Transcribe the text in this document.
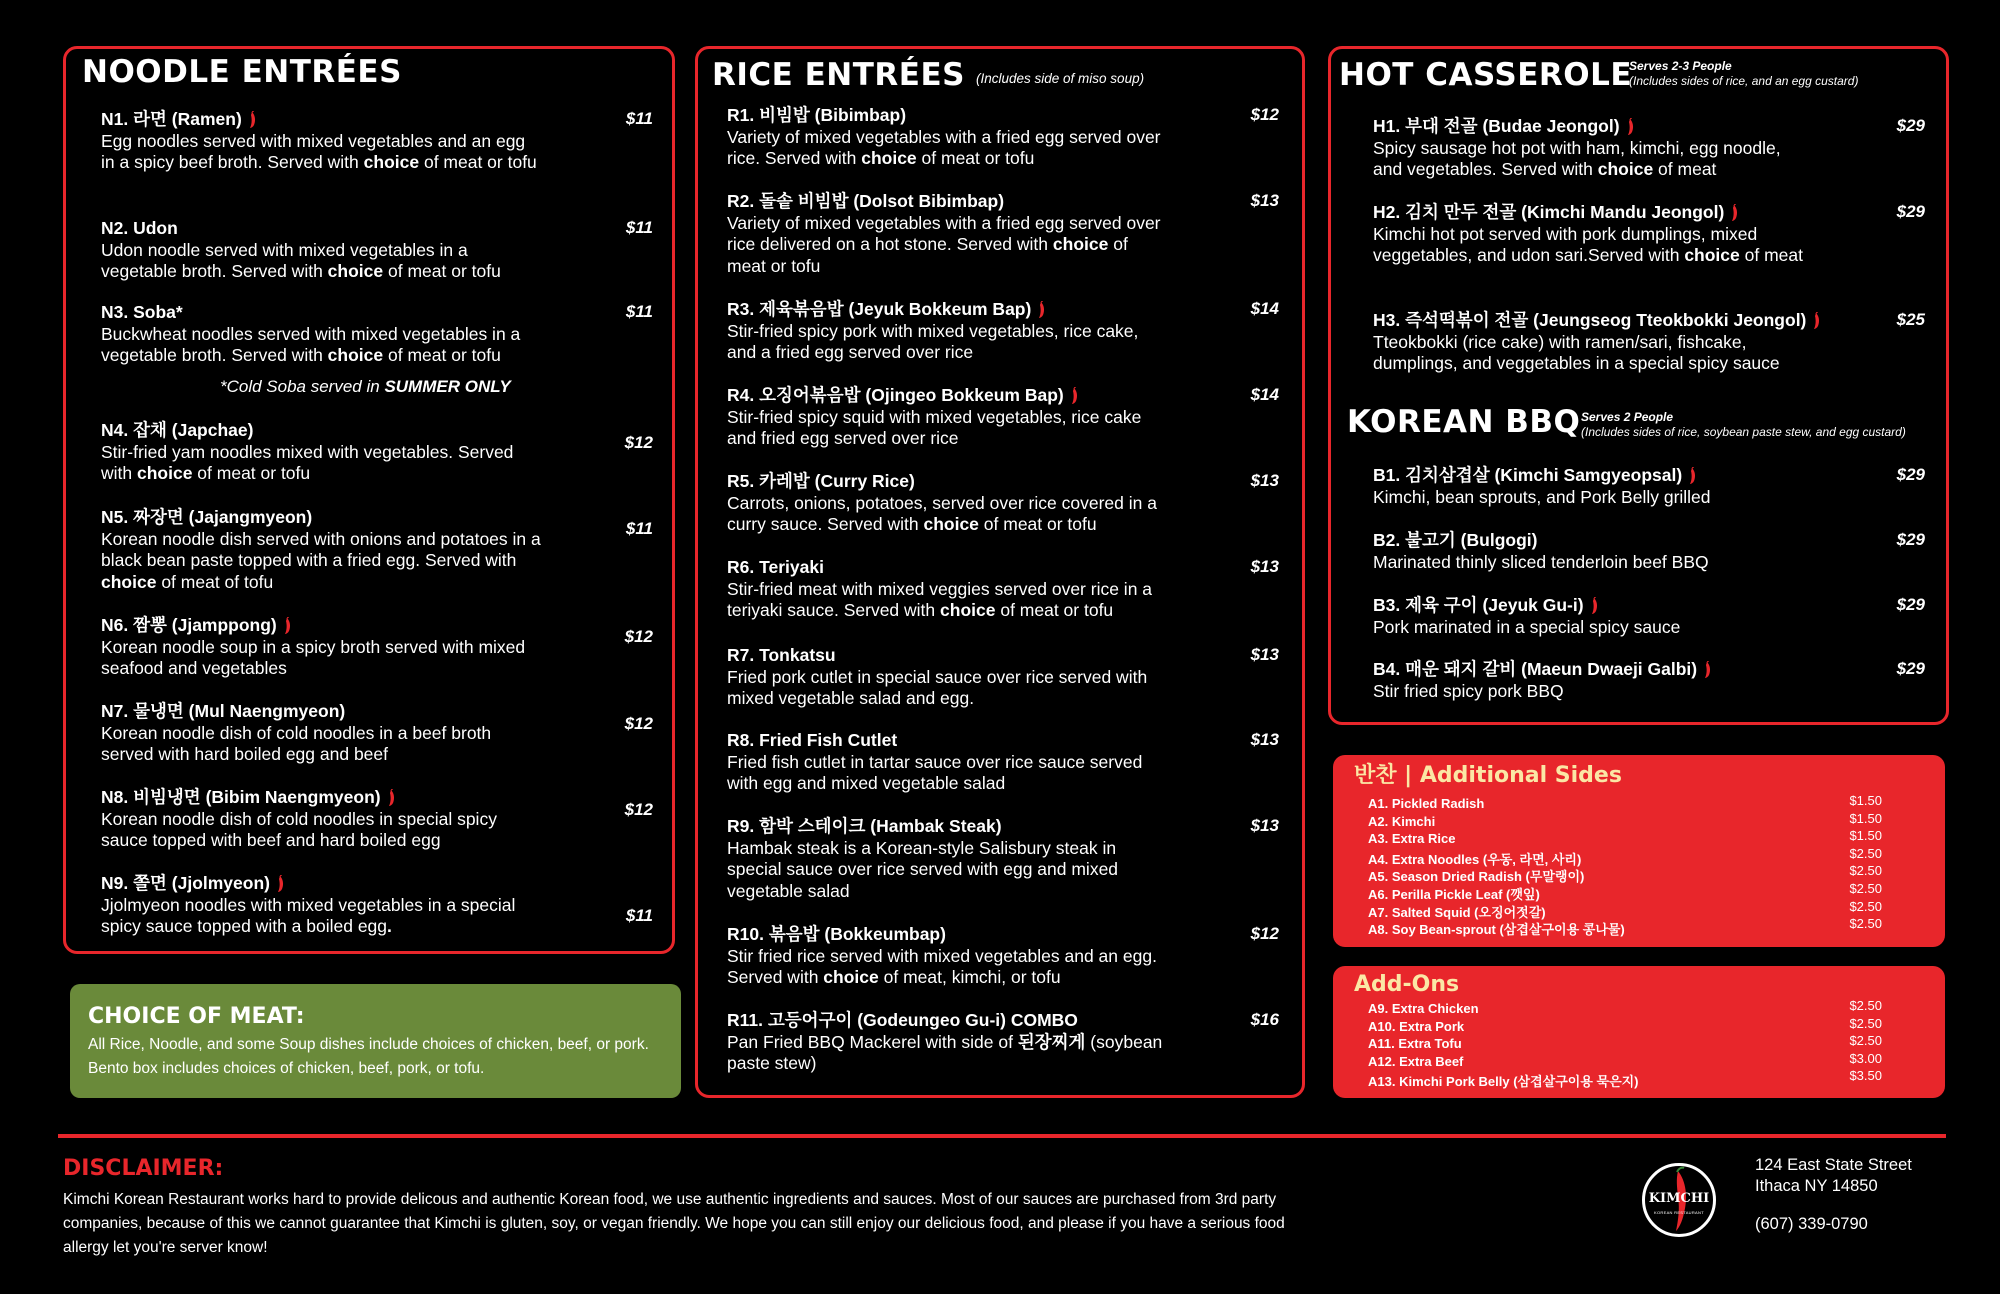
NOODLE ENTRÉES
N1. 라면 (Ramen)
Egg noodles served with mixed vegetables and an egg in a spicy beef broth. Served with choice of meat or tofu
$11
N2. Udon
Udon noodle served with mixed vegetables in a vegetable broth. Served with choice of meat or tofu
$11
N3. Soba*
Buckwheat noodles served with mixed vegetables in a vegetable broth. Served with choice of meat or tofu
$11
N4. 잡채 (Japchae)
Stir-fried yam noodles mixed with vegetables. Served with choice of meat or tofu
$12
N5. 짜장면 (Jajangmyeon)
Korean noodle dish served with onions and potatoes in a black bean paste topped with a fried egg. Served with choice of meat of tofu
$11
N6. 짬뽕 (Jjamppong)
Korean noodle soup in a spicy broth served with mixed seafood and vegetables
$12
N7. 물냉면 (Mul Naengmyeon)
Korean noodle dish of cold noodles in a beef broth served with hard boiled egg and beef
$12
N8. 비빔냉면 (Bibim Naengmyeon)
Korean noodle dish of cold noodles in special spicy sauce topped with beef and hard boiled egg
$12
N9. 쫄면 (Jjolmyeon)
Jjolmyeon noodles with mixed vegetables in a special spicy sauce topped with a boiled egg.
$11
*Cold Soba served in SUMMER ONLY
CHOICE OF MEAT:
All Rice, Noodle, and some Soup dishes include choices of chicken, beef, or pork.
Bento box includes choices of chicken, beef, pork, or tofu.
RICE ENTRÉES (Includes side of miso soup)
R1. 비빔밥 (Bibimbap)
Variety of mixed vegetables with a fried egg served over rice. Served with choice of meat or tofu
$12
R2. 돌솥 비빔밥 (Dolsot Bibimbap)
Variety of mixed vegetables with a fried egg served over rice delivered on a hot stone. Served with choice of meat or tofu
$13
R3. 제육볶음밥 (Jeyuk Bokkeum Bap)
Stir-fried spicy pork with mixed vegetables, rice cake, and a fried egg served over rice
$14
R4. 오징어볶음밥 (Ojingeo Bokkeum Bap)
Stir-fried spicy squid with mixed vegetables, rice cake and fried egg served over rice
$14
R5. 카레밥 (Curry Rice)
Carrots, onions, potatoes, served over rice covered in a curry sauce. Served with choice of meat or tofu
$13
R6. Teriyaki
Stir-fried meat with mixed veggies served over rice in a teriyaki sauce. Served with choice of meat or tofu
$13
R7. Tonkatsu
Fried pork cutlet in special sauce over rice served with mixed vegetable salad and egg.
$13
R8. Fried Fish Cutlet
Fried fish cutlet in tartar sauce over rice sauce served with egg and mixed vegetable salad
$13
R9. 함박 스테이크 (Hambak Steak)
Hambak steak is a Korean-style Salisbury steak in special sauce over rice served with egg and mixed vegetable salad
$13
R10. 볶음밥 (Bokkeumbap)
Stir fried rice served with mixed vegetables and an egg. Served with choice of meat, kimchi, or tofu
$12
R11. 고등어구이 (Godeungeo Gu-i) COMBO
Pan Fried BBQ Mackerel with side of 된장찌게 (soybean paste stew)
$16
HOT CASSEROLE
Serves 2-3 People
(Includes sides of rice, and an egg custard)
H1. 부대 전골 (Budae Jeongol)
Spicy sausage hot pot with ham, kimchi, egg noodle, and vegetables. Served with choice of meat
$29
H2. 김치 만두 전골 (Kimchi Mandu Jeongol)
Kimchi hot pot served with pork dumplings, mixed veggetables, and udon sari.Served with choice of meat
$29
H3. 즉석떡볶이 전골 (Jeungseog Tteokbokki Jeongol)
Tteokbokki (rice cake) with ramen/sari, fishcake, dumplings, and veggetables in a special spicy sauce
$25
KOREAN BBQ Serves 2 People
(Includes sides of rice, soybean paste stew, and egg custard)
B1. 김치삼겹살 (Kimchi Samgyeopsal)
Kimchi, bean sprouts, and Pork Belly grilled
$29
B2. 불고기 (Bulgogi)
Marinated thinly sliced tenderloin beef BBQ
$29
B3. 제육 구이 (Jeyuk Gu-i)
Pork marinated in a special spicy sauce
$29
B4. 매운 돼지 갈비 (Maeun Dwaeji Galbi)
Stir fried spicy pork BBQ
$29
반찬 | Additional Sides
A1. Pickled Radish	$1.50
A2. Kimchi	$1.50
A3. Extra Rice	$1.50
A4. Extra Noodles (우동, 라면, 사리)	$2.50
A5. Season Dried Radish (무말랭이)	$2.50
A6. Perilla Pickle Leaf (깻잎)	$2.50
A7. Salted Squid (오징어젓갈)	$2.50
A8. Soy Bean-sprout (삼겹살구이용 콩나물)	$2.50
Add-Ons
A9. Extra Chicken	$2.50
A10. Extra Pork	$2.50
A11. Extra Tofu	$2.50
A12. Extra Beef	$3.00
A13. Kimchi Pork Belly (삼겹살구이용 묵은지)	$3.50
DISCLAIMER:
Kimchi Korean Restaurant works hard to provide delicous and authentic Korean food, we use authentic ingredients and sauces. Most of our sauces are purchased from 3rd party companies, because of this we cannot guarantee that Kimchi is gluten, soy, or vegan friendly. We hope you can still enjoy our delicious food, and please if you have a serious food allergy let you're server know!
KIMCHI
KOREAN RESTAURANT
124 East State Street
Ithaca NY 14850
(607) 339-0790
